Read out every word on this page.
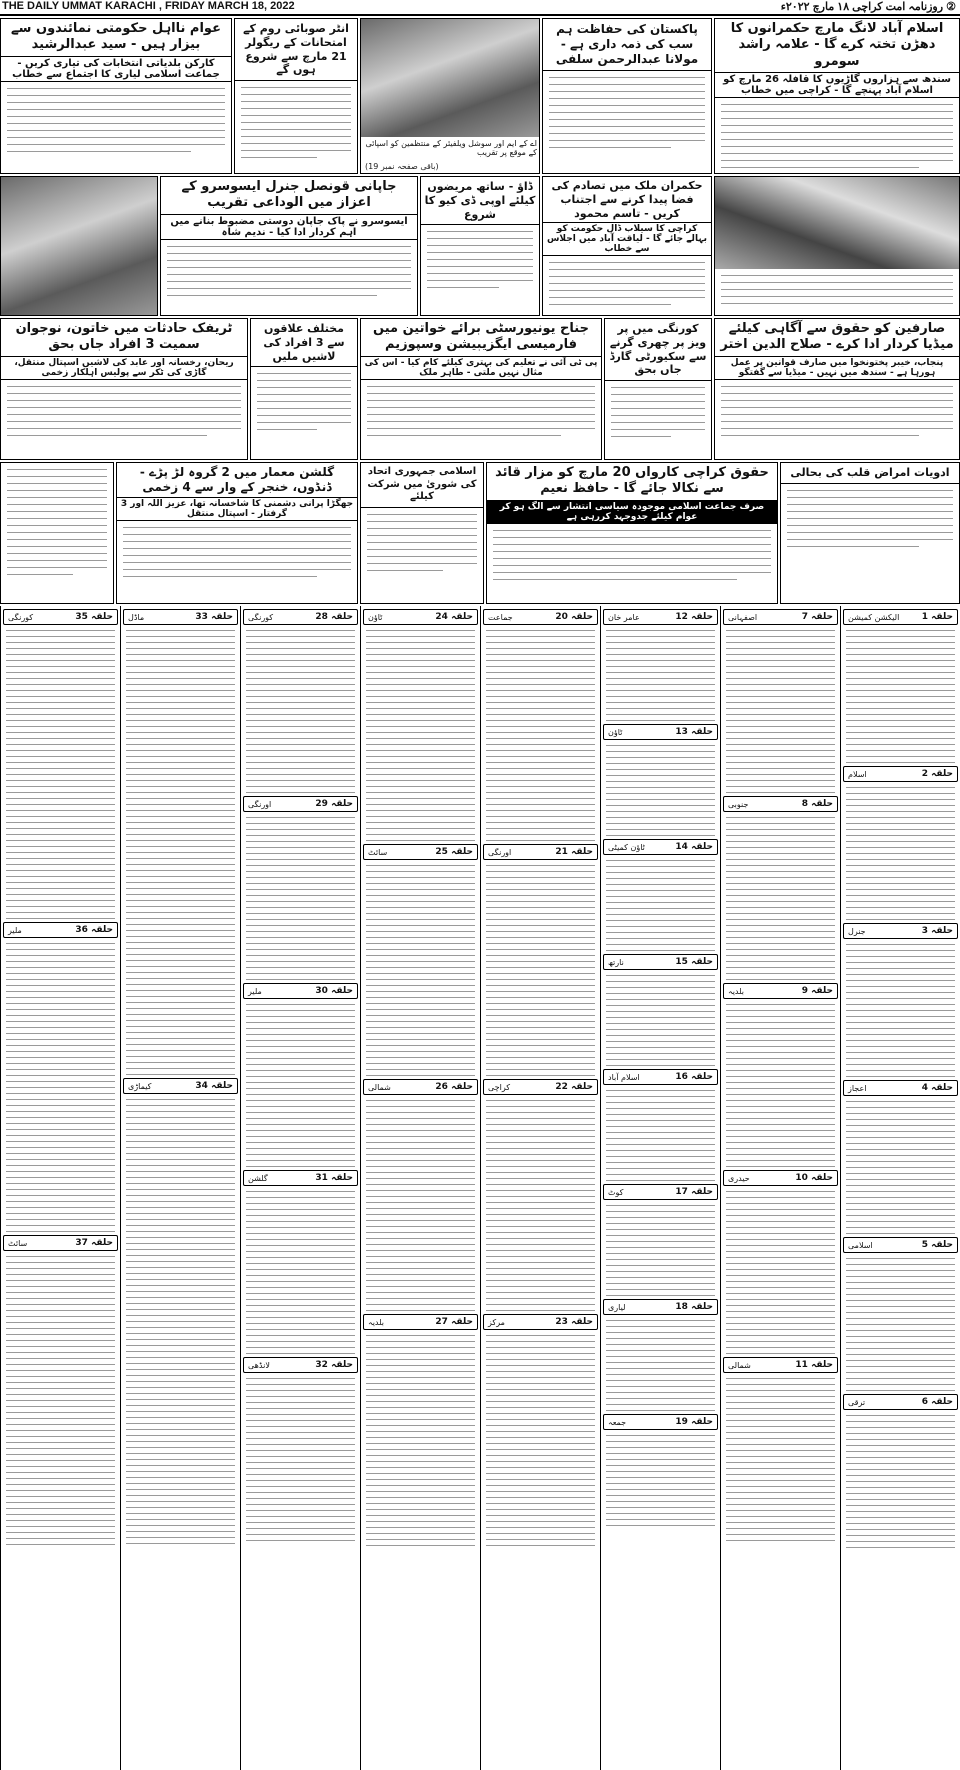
THE DAILY UMMAT KARACHI , FRIDAY MARCH 18, 2022	② روزنامہ امت کراچی ۱۸ مارچ ۲۰۲۲ء
اسلام آباد لانگ مارچ حکمرانوں کا دھڑن تختہ کرے گا - علامہ راشد سومرو
سندھ سے ہزاروں گاڑیوں کا قافلہ 26 مارچ کو اسلام آباد پہنچے گا - کراچی میں خطاب
پاکستان کی حفاظت ہم سب کی ذمہ داری ہے - مولانا عبدالرحمن سلفی
اے کے ایم اور سوشل ویلفیئر کے منتظمین کو اسپائی کے موقع پر تقریب
(باقی صفحہ نمبر 19)
انٹر صوبائی روم کے امتحانات کے ریگولر 21 مارچ سے شروع ہوں گے
عوام نااہل حکومتی نمائندوں سے بیزار ہیں - سید عبدالرشید
کارکن بلدیاتی انتخابات کی تیاری کریں - جماعت اسلامی لیاری کا اجتماع سے خطاب
حکمران ملک میں تصادم کی فضا پیدا کرنے سے اجتناب کریں - تاسم محمود
کراچی کا سیلاب ڈال حکومت کو بہالے جائے گا - لیاقت آباد میں اجلاس سے خطاب
ڈاؤ - ساتھ مریضوں کیلئے اوپی ڈی کیو کا شروع
جاپانی قونصل جنرل ایسوسرو کے اعزاز میں الوداعی تقریب
ایسوسرو نے پاک جاپان دوستی مضبوط بنانے میں اہم کردار ادا کیا - ندیم شاہ
صارفین کو حقوق سے آگاہی کیلئے میڈیا کردار ادا کرے - صلاح الدین اختر
پنجاب، خیبر پختونخوا میں صارف قوانین پر عمل ہورہا ہے - سندھ میں نہیں - میڈیا سے گفتگو
کورنگی میں پر ویز پر چھری گرنے سے سکیورٹی گارڈ جاں بحق
جناح یونیورسٹی برائے خواتین میں فارمیسی ایگزیبیشن وسپوزیم
پی ٹی آئی نے تعلیم کی بہتری کیلئے کام کیا - اس کی مثال نہیں ملتی - طاہر ملک
مختلف علاقوں سے 3 افراد کی لاشیں ملیں
ٹریفک حادثات میں خاتون، نوجوان سمیت 3 افراد جاں بحق
ریحان، رخسانہ اور عابد کی لاشیں اسپتال منتقل، گاڑی کی ٹکر سے پولیس اہلکار زخمی
ادویات امراض قلب کی بحالی
حقوق کراچی کارواں 20 مارچ کو مزار قائد سے نکالا جائے گا - حافظ نعیم
صرف جماعت اسلامی موجودہ سیاسی انتشار سے الگ ہو کر عوام کیلئے جدوجہد کررہی ہے
اسلامی جمہوری اتحاد کی شوریٰ میں شرکت کیلئے
گلشن معمار میں 2 گروہ لڑ پڑے - ڈنڈوں، خنجر کے وار سے 4 زخمی
جھگڑا پرانی دشمنی کا شاخسانہ تھا، عزیز اللہ اور 3 گرفتار - اسپتال منتقل
حلقہ 1
الیکشن کمیشن
حلقہ 2
اسلام
حلقہ 3
جنرل
حلقہ 4
اعجاز
حلقہ 5
اسلامی
حلقہ 6
ترقی
حلقہ 7
اصفہانی
حلقہ 8
جنوبی
حلقہ 9
بلدیہ
حلقہ 10
حیدری
حلقہ 11
شمالی
حلقہ 12
عامر خان
حلقہ 13
ٹاؤن
حلقہ 14
ٹاؤن کمیٹی
حلقہ 15
نارتھ
حلقہ 16
اسلام آباد
حلقہ 17
کوٹ
حلقہ 18
لیاری
حلقہ 19
جمعہ
حلقہ 20
جماعت
حلقہ 21
اورنگی
حلقہ 22
کراچی
حلقہ 23
مرکز
حلقہ 24
ٹاؤن
حلقہ 25
سائٹ
حلقہ 26
شمالی
حلقہ 27
بلدیہ
حلقہ 28
کورنگی
حلقہ 29
اورنگی
حلقہ 30
ملیر
حلقہ 31
گلشن
حلقہ 32
لانڈھی
حلقہ 33
ماڈل
حلقہ 34
کیماڑی
حلقہ 35
کورنگی
حلقہ 36
ملیر
حلقہ 37
سائٹ
